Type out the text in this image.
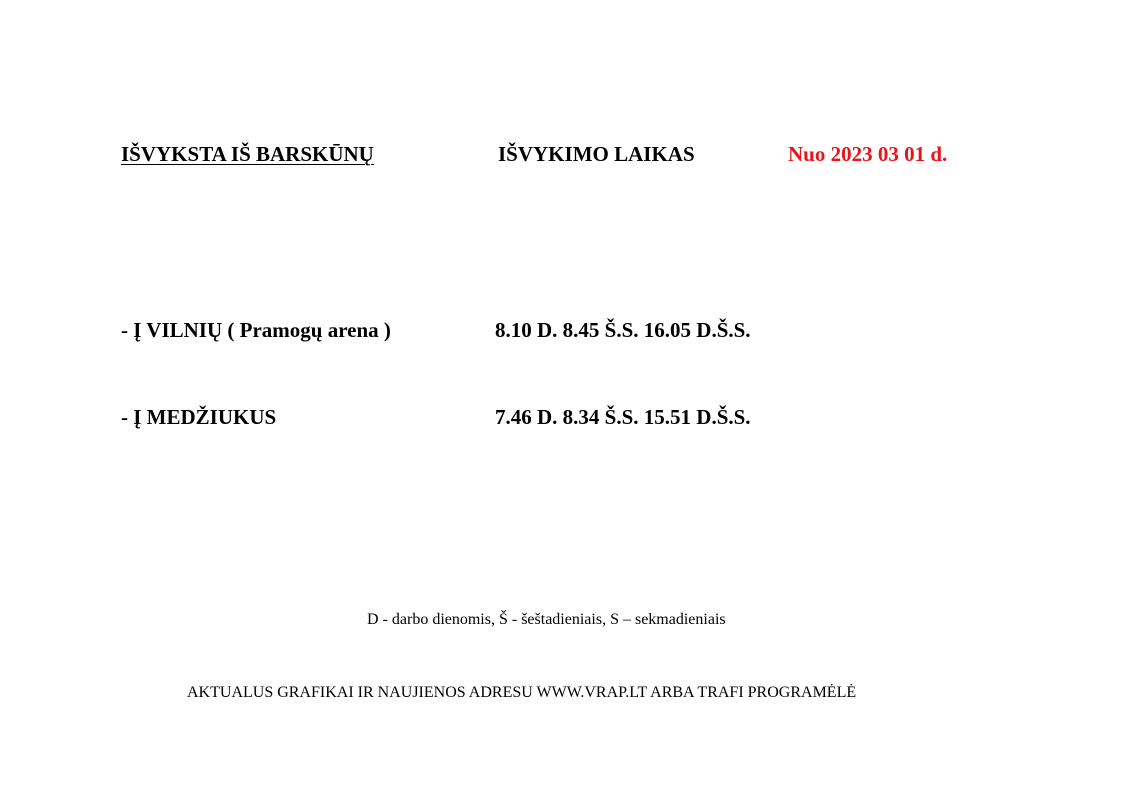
IŠVYKSTA IŠ BARSKŪNŲ	IŠVYKIMO LAIKAS	Nuo 2023 03 01 d.
- Į VILNIŲ ( Pramogų arena )	8.10 D. 8.45 Š.S. 16.05 D.Š.S.
- Į MEDŽIUKUS	7.46 D. 8.34 Š.S. 15.51 D.Š.S.
D - darbo dienomis, Š - šeštadieniais, S – sekmadieniais
AKTUALUS GRAFIKAI IR NAUJIENOS ADRESU WWW.VRAP.LT ARBA TRAFI PROGRAMĖLĖ
